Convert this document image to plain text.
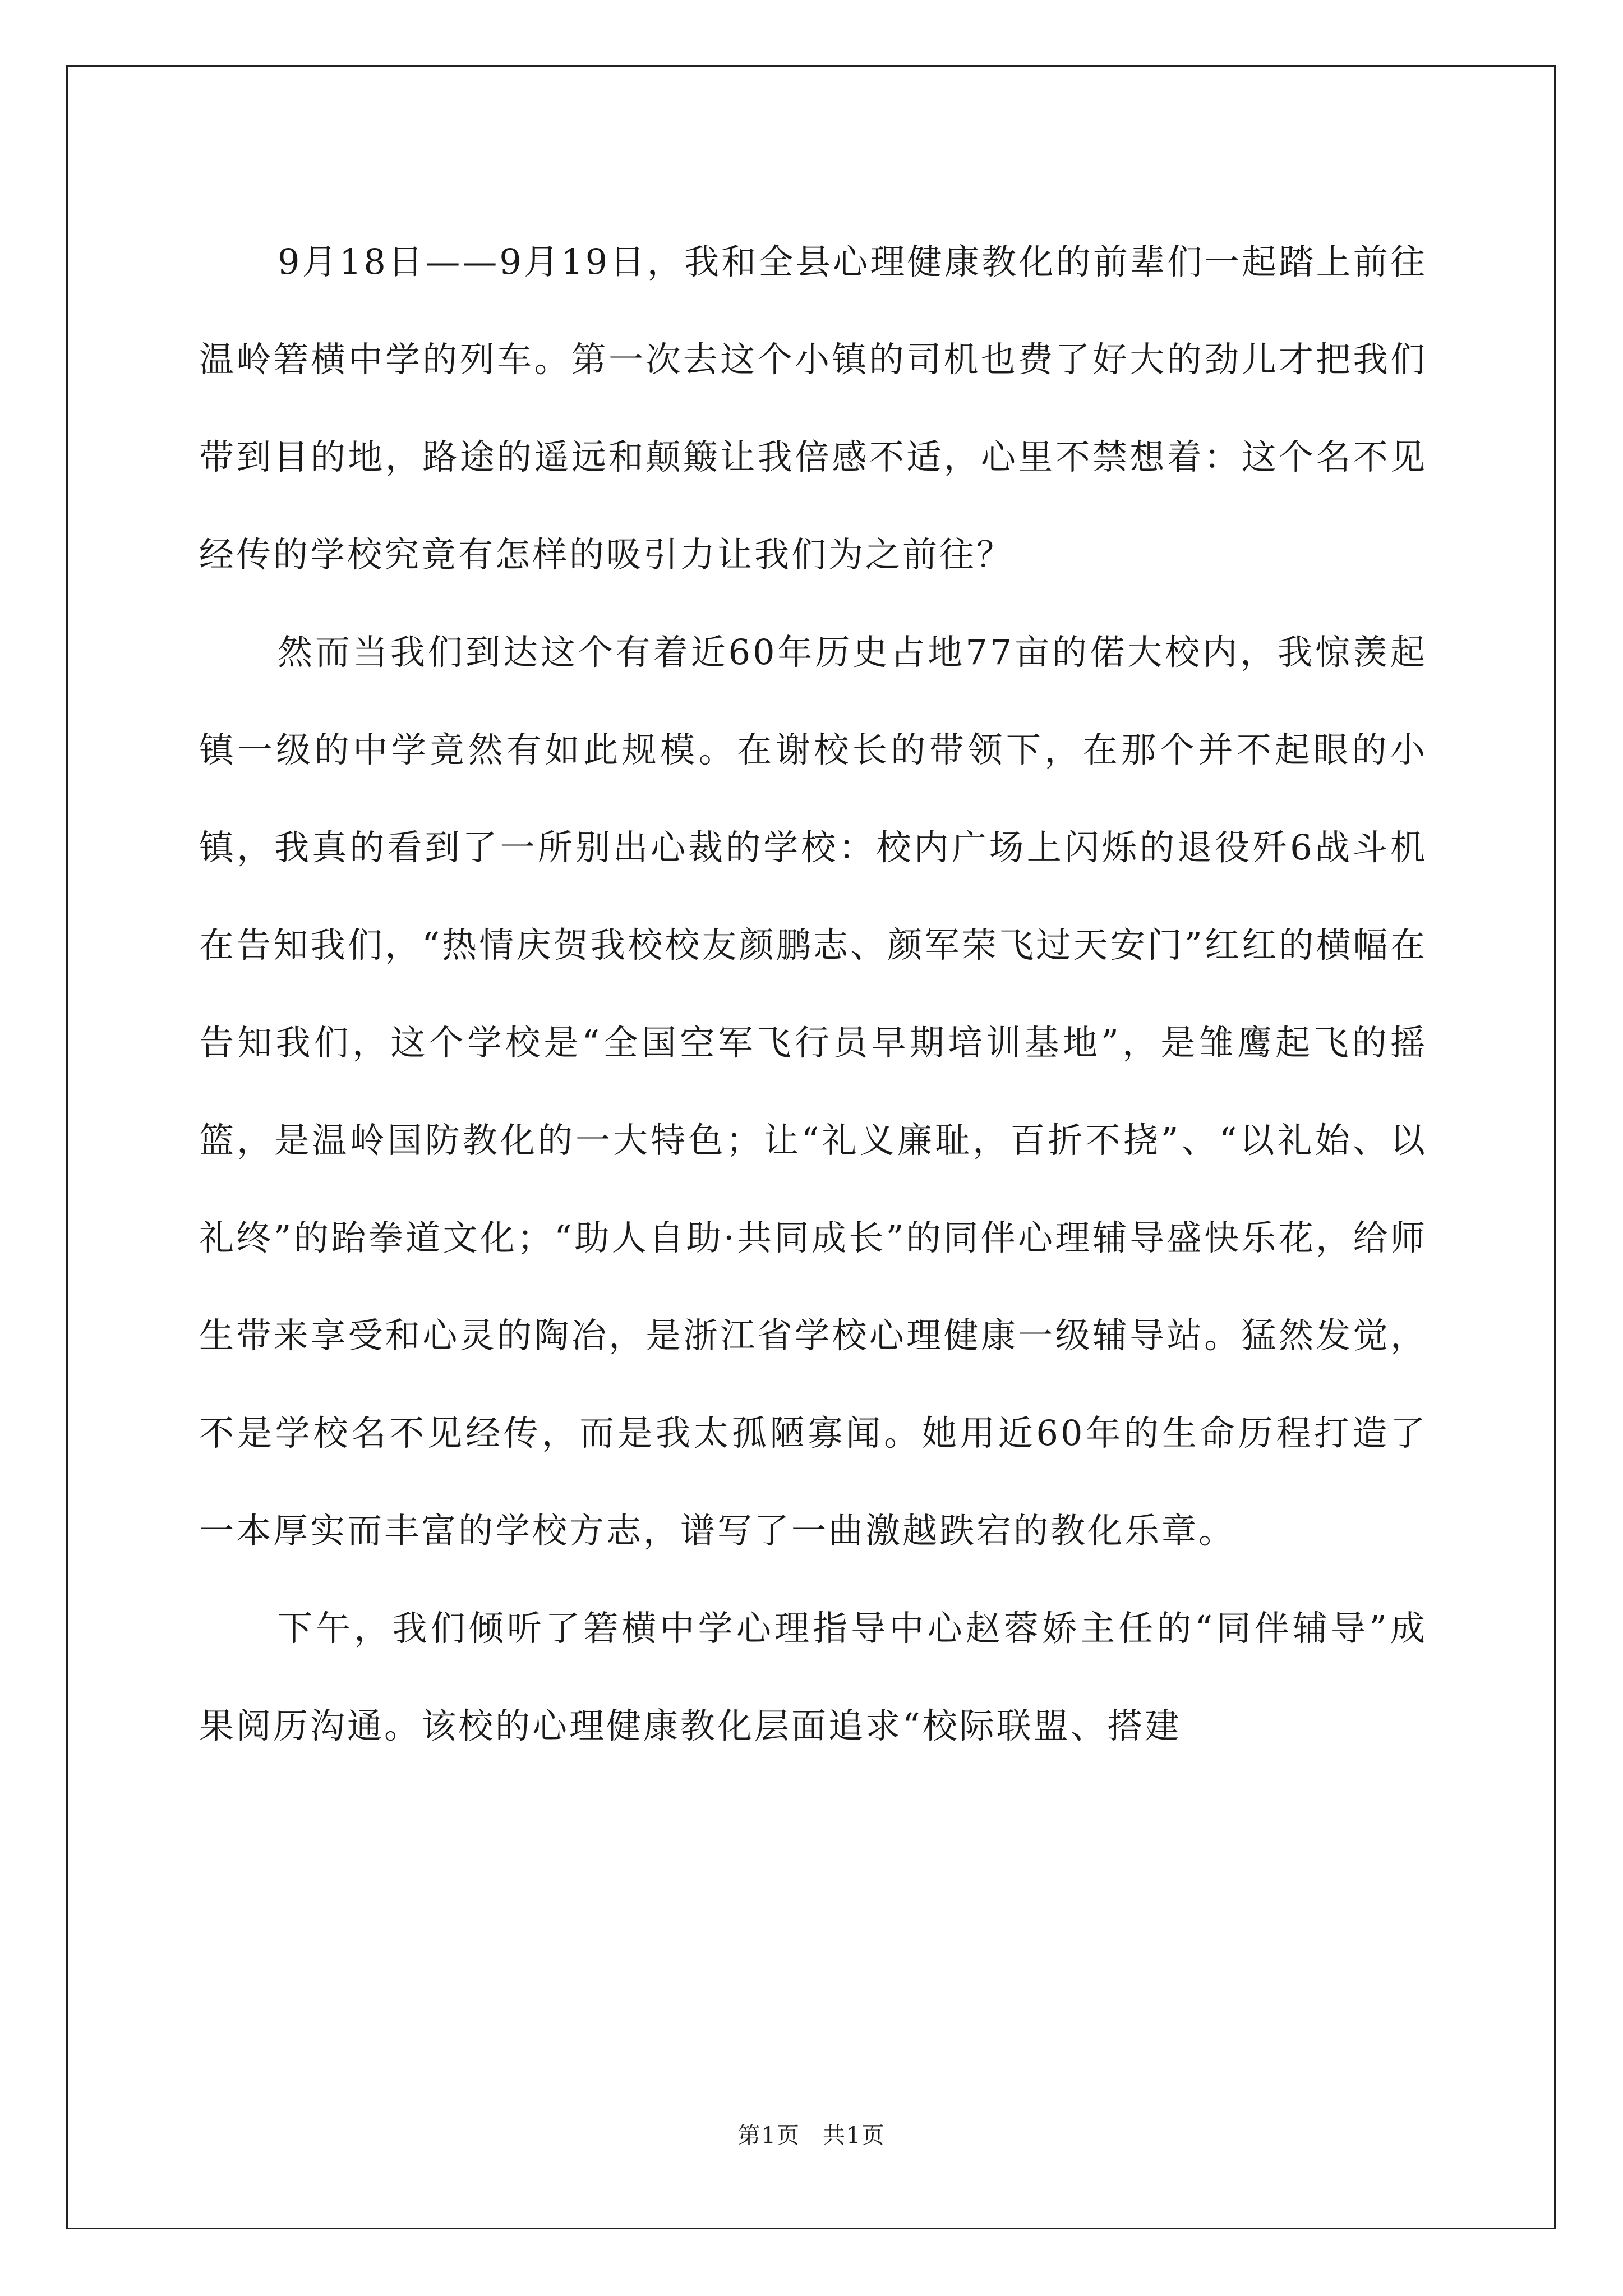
9月18日——9月19日，我和全县心理健康教化的前辈们一起踏上前往温岭箬横中学的列车。第一次去这个小镇的司机也费了好大的劲儿才把我们带到目的地，路途的遥远和颠簸让我倍感不适，心里不禁想着：这个名不见经传的学校究竟有怎样的吸引力让我们为之前往？

然而当我们到达这个有着近60年历史占地77亩的偌大校内，我惊羡起镇一级的中学竟然有如此规模。在谢校长的带领下，在那个并不起眼的小镇，我真的看到了一所别出心裁的学校：校内广场上闪烁的退役歼6战斗机在告知我们，“热情庆贺我校校友颜鹏志、颜军荣飞过天安门”红红的横幅在告知我们，这个学校是“全国空军飞行员早期培训基地”，是雏鹰起飞的摇篮，是温岭国防教化的一大特色；让“礼义廉耻，百折不挠”、“以礼始、以礼终”的跆拳道文化；“助人自助·共同成长”的同伴心理辅导盛快乐花，给师生带来享受和心灵的陶冶，是浙江省学校心理健康一级辅导站。猛然发觉，不是学校名不见经传，而是我太孤陋寡闻。她用近60年的生命历程打造了一本厚实而丰富的学校方志，谱写了一曲激越跌宕的教化乐章。

下午，我们倾听了箬横中学心理指导中心赵蓉娇主任的“同伴辅导”成果阅历沟通。该校的心理健康教化层面追求“校际联盟、搭建

第1页 共1页
